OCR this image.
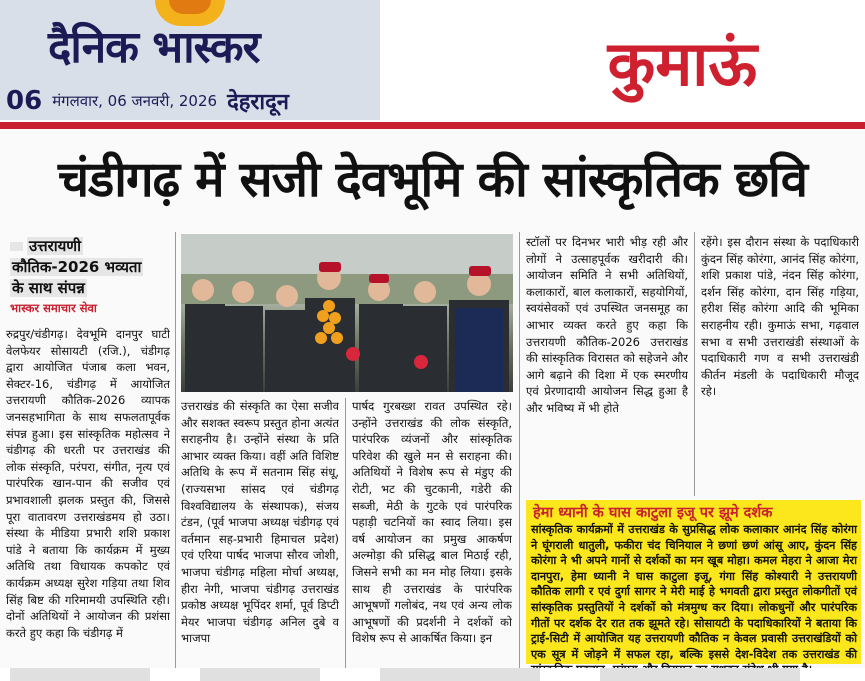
दैनिक भास्कर
06 मंगलवार, 06 जनवरी, 2026 देहरादून
कुमाऊं
चंडीगढ़ में सजी देवभूमि की सांस्कृतिक छवि
उत्तरायणी
कौतिक-2026 भव्यता
के साथ संपन्न
भास्कर समाचार सेवा

रुद्रपुर/चंडीगढ़। देवभूमि दानपुर घाटी वेलफेयर सोसायटी (रजि.), चंडीगढ़ द्वारा आयोजित पंजाब कला भवन, सेक्टर-16, चंडीगढ़ में आयोजित उत्तरायणी कौतिक-2026 व्यापक जनसहभागिता के साथ सफलतापूर्वक संपन्न हुआ। इस सांस्कृतिक महोत्सव ने चंडीगढ़ की धरती पर उत्तराखंड की लोक संस्कृति, परंपरा, संगीत, नृत्य एवं पारंपरिक खान-पान की सजीव एवं प्रभावशाली झलक प्रस्तुत की, जिससे पूरा वातावरण उत्तराखंडमय हो उठा। संस्था के मीडिया प्रभारी शशि प्रकाश पांडे ने बताया कि कार्यक्रम में मुख्य अतिथि तथा विधायक कपकोट एवं कार्यक्रम अध्यक्ष सुरेश गड़िया तथा शिव सिंह बिष्ट की गरिमामयी उपस्थिति रही। दोनों अतिथियों ने आयोजन की प्रशंसा करते हुए कहा कि चंडीगढ़ में

उत्तराखंड की संस्कृति का ऐसा सजीव और सशक्त स्वरूप प्रस्तुत होना अत्यंत सराहनीय है। उन्होंने संस्था के प्रति आभार व्यक्त किया। वहीं अति विशिष्ट अतिथि के रूप में सतनाम सिंह संधू, (राज्यसभा सांसद एवं चंडीगढ़ विश्वविद्यालय के संस्थापक), संजय टंडन, (पूर्व भाजपा अध्यक्ष चंडीगढ़ एवं वर्तमान सह-प्रभारी हिमाचल प्रदेश) एवं एरिया पार्षद भाजपा सौरव जोशी, भाजपा चंडीगढ़ महिला मोर्चा अध्यक्ष, हीरा नेगी, भाजपा चंडीगढ़ उत्तराखंड प्रकोष्ठ अध्यक्ष भूपिंदर शर्मा, पूर्व डिप्टी मेयर भाजपा चंडीगढ़ अनिल दुबे व भाजपा

पार्षद गुरबख्श रावत उपस्थित रहे। उन्होंने उत्तराखंड की लोक संस्कृति, पारंपरिक व्यंजनों और सांस्कृतिक परिवेश की खुले मन से सराहना की। अतिथियों ने विशेष रूप से मंडुए की रोटी, भट की चुटकानी, गडेरी की सब्जी, मेठी के गुटके एवं पारंपरिक पहाड़ी चटनियों का स्वाद लिया। इस वर्ष आयोजन का प्रमुख आकर्षण अल्मोड़ा की प्रसिद्ध बाल मिठाई रही, जिसने सभी का मन मोह लिया। इसके साथ ही उत्तराखंड के पारंपरिक आभूषणों गलोबंद, नथ एवं अन्य लोक आभूषणों की प्रदर्शनी ने दर्शकों को विशेष रूप से आकर्षित किया। इन

स्टॉलों पर दिनभर भारी भीड़ रही और लोगों ने उत्साहपूर्वक खरीदारी की। आयोजन समिति ने सभी अतिथियों, कलाकारों, बाल कलाकारों, सहयोगियों, स्वयंसेवकों एवं उपस्थित जनसमूह का आभार व्यक्त करते हुए कहा कि उत्तरायणी कौतिक-2026 उत्तराखंड की सांस्कृतिक विरासत को सहेजने और आगे बढ़ाने की दिशा में एक स्मरणीय एवं प्रेरणादायी आयोजन सिद्ध हुआ है और भविष्य में भी होते

रहेंगे। इस दौरान संस्था के पदाधिकारी कुंदन सिंह कोरंगा, आनंद सिंह कोरंगा, शशि प्रकाश पांडे, नंदन सिंह कोरंगा, दर्शन सिंह कोरंगा, दान सिंह गड़िया, हरीश सिंह कोरंगा आदि की भूमिका सराहनीय रही। कुमाऊं सभा, गढ़वाल सभा व सभी उत्तराखंडी संस्थाओं के पदाधिकारी गण व सभी उत्तराखंडी कीर्तन मंडली के पदाधिकारी मौजूद रहे।

हेमा ध्यानी के घास काटुला इजू पर झूमे दर्शक
सांस्कृतिक कार्यक्रमों में उत्तराखंड के सुप्रसिद्ध लोक कलाकार आनंद सिंह कोरंगा ने घूंगराली धातुली, फकीरा चंद चिनियाल ने छणां छणं आंसू आए, कुंदन सिंह कोरंगा ने भी अपने गानों से दर्शकों का मन खूब मोहा। कमल मेहरा ने आजा मेरा दानपुरा, हेमा ध्यानी ने घास काटुला इजू, गंगा सिंह कोश्यारी ने उत्तरायणी कौतिक लागी र एवं दुर्गा सागर ने मेरी माई हे भगवती द्वारा प्रस्तुत लोकगीतों एवं सांस्कृतिक प्रस्तुतियों ने दर्शकों को मंत्रमुग्ध कर दिया। लोकधुनों और पारंपरिक गीतों पर दर्शक देर रात तक झूमते रहे। सोसायटी के पदाधिकारियों ने बताया कि ट्राई-सिटी में आयोजित यह उत्तरायणी कौतिक न केवल प्रवासी उत्तराखंडियों को एक सूत्र में जोड़ने में सफल रहा, बल्कि इससे देश-विदेश तक उत्तराखंड की
